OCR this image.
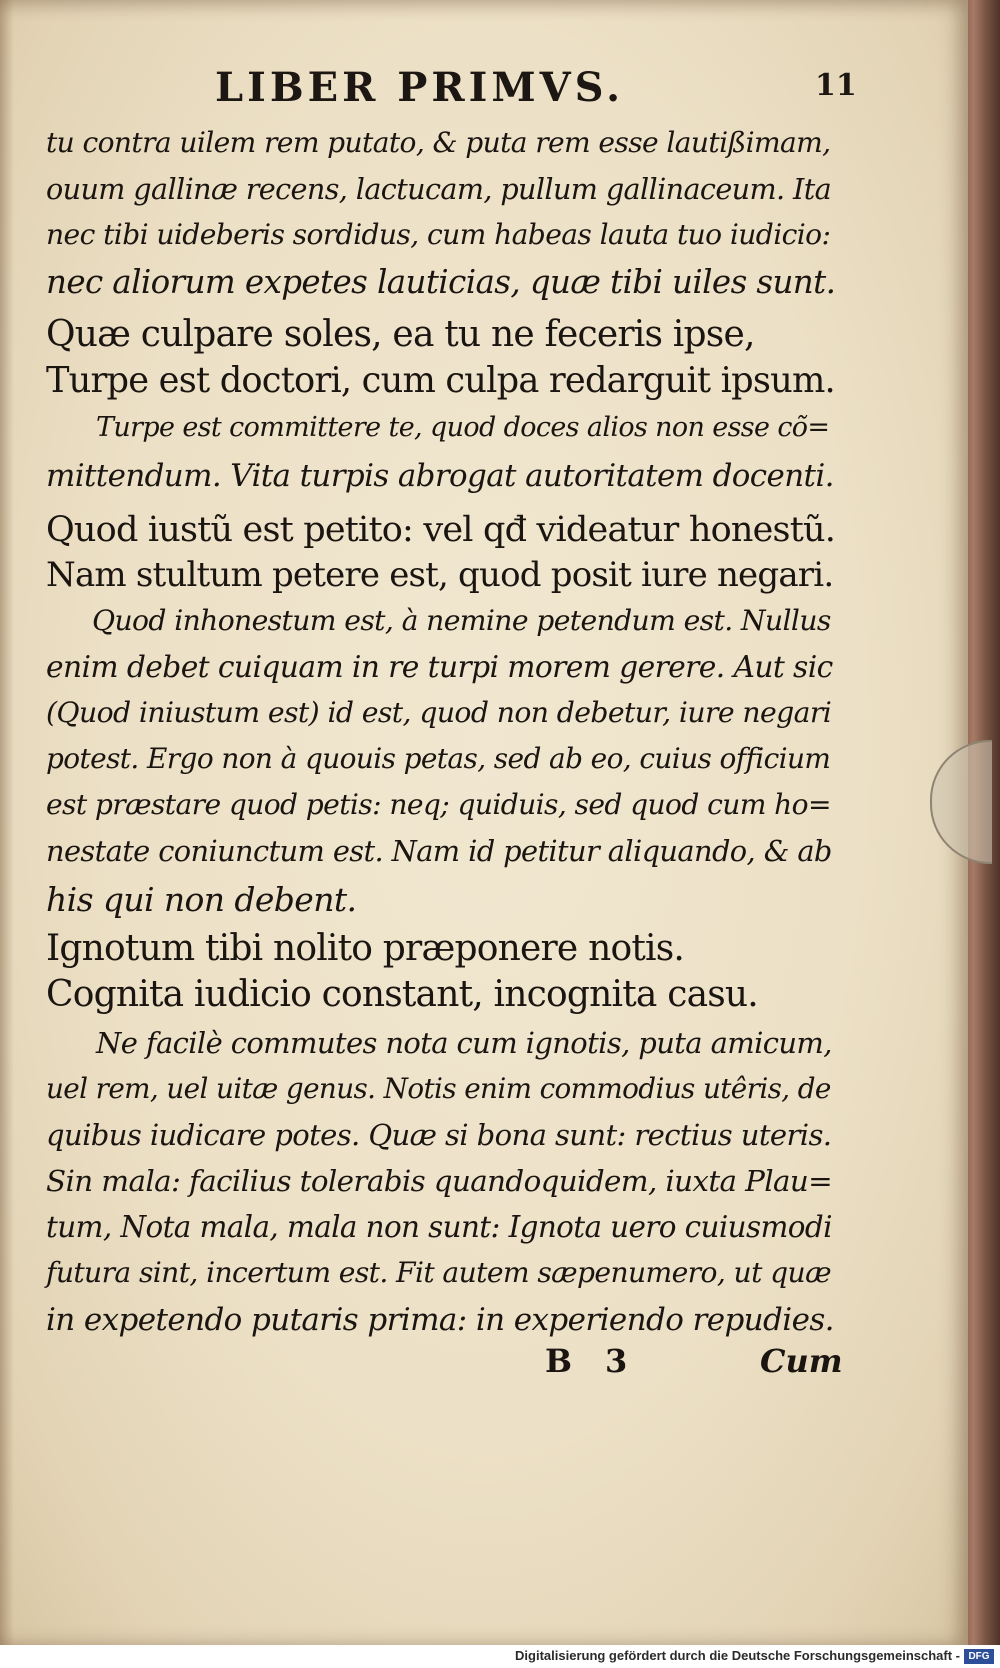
LIBER PRIMVS.	11
tu contra uilem rem putato, & puta rem esse lautißimam,
ouum gallinæ recens, lactucam, pullum gallinaceum. Ita
nec tibi uideberis sordidus, cum habeas lauta tuo iudicio:
nec aliorum expetes lauticias, quæ tibi uiles sunt.
Quæ culpare soles, ea tu ne feceris ipse,
Turpe est doctori, cum culpa redarguit ipsum.
Turpe est committere te, quod doces alios non esse cõ=
mittendum. Vita turpis abrogat autoritatem docenti.
Quod iustũ est petito: vel qđ videatur honestũ.
Nam stultum petere est, quod posit iure negari.
Quod inhonestum est, à nemine petendum est. Nullus
enim debet cuiquam in re turpi morem gerere. Aut sic
(Quod iniustum est) id est, quod non debetur, iure negari
potest. Ergo non à quouis petas, sed ab eo, cuius officium
est præstare quod petis: neq; quiduis, sed quod cum ho=
nestate coniunctum est. Nam id petitur aliquando, & ab
his qui non debent.
Ignotum tibi nolito præponere notis.
Cognita iudicio constant, incognita casu.
Ne facilè commutes nota cum ignotis, puta amicum,
uel rem, uel uitæ genus. Notis enim commodius utêris, de
quibus iudicare potes. Quæ si bona sunt: rectius uteris.
Sin mala: facilius tolerabis quandoquidem, iuxta Plau=
tum, Nota mala, mala non sunt: Ignota uero cuiusmodi
futura sint, incertum est. Fit autem sæpenumero, ut quæ
in expetendo putaris prima: in experiendo repudies.
B 3	Cum
Digitalisierung gefördert durch die Deutsche Forschungsgemeinschaft - DFG
